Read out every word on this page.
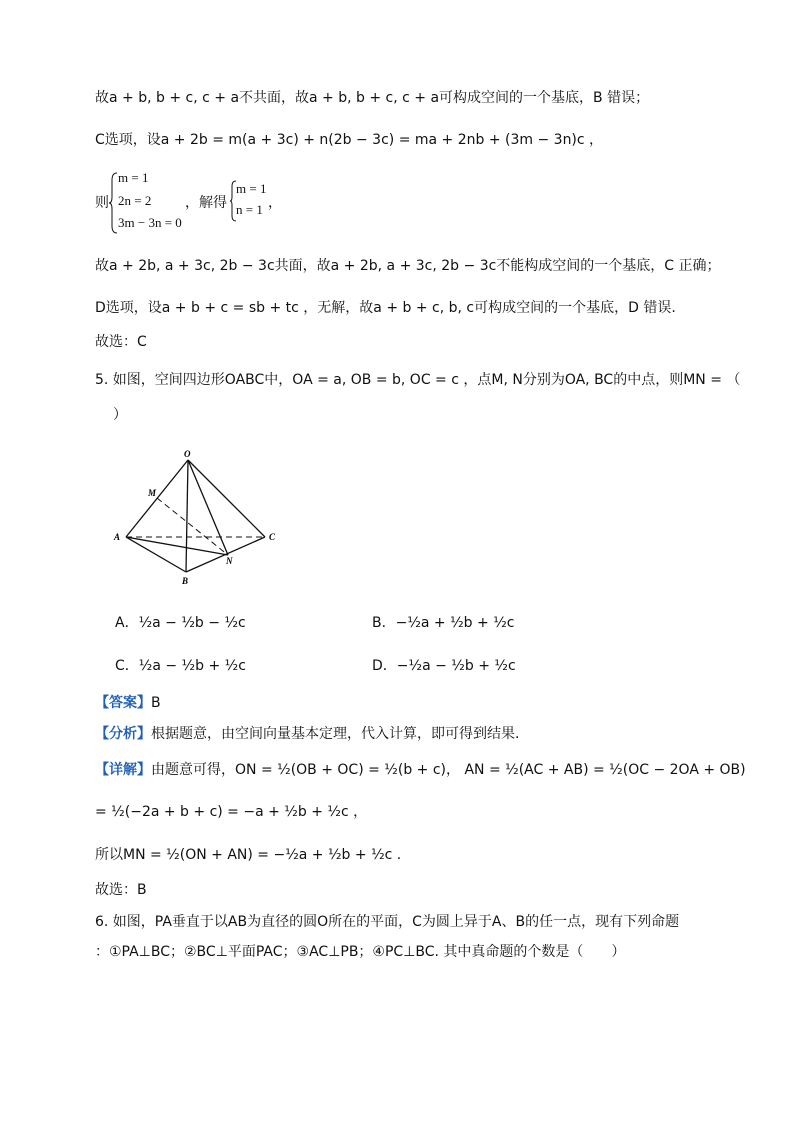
故a + b, b + c, c + a不共面，故a + b, b + c, c + a可构成空间的一个基底，B 错误；
C选项，设a + 2b = m(a + 3c) + n(2b − 3c) = ma + 2nb + (3m − 3n)c ，
则
m = 1
2n = 2
3m − 3n = 0
，解得
m = 1
n = 1 ，
故a + 2b, a + 3c, 2b − 3c共面，故a + 2b, a + 3c, 2b − 3c不能构成空间的一个基底，C 正确；
D选项，设a + b + c = sb + tc ，无解，故a + b + c, b, c可构成空间的一个基底，D 错误.
故选：C
5. 如图，空间四边形OABC中，OA = a, OB = b, OC = c ，点M, N分别为OA, BC的中点，则MN = （
）
O
M
A	C
B
N
A．½a − ½b − ½c	B．−½a + ½b + ½c
C．½a − ½b + ½c	D．−½a − ½b + ½c
【答案】B
【分析】根据题意，由空间向量基本定理，代入计算，即可得到结果.
【详解】由题意可得，ON = ½(OB + OC) = ½(b + c)， AN = ½(AC + AB) = ½(OC − 2OA + OB)
= ½(−2a + b + c) = −a + ½b + ½c ，
所以MN = ½(ON + AN) = −½a + ½b + ½c .
故选：B
6. 如图，PA垂直于以AB为直径的圆O所在的平面，C为圆上异于A、B的任一点，现有下列命题
：①PA⊥BC；②BC⊥平面PAC；③AC⊥PB；④PC⊥BC. 其中真命题的个数是（　　）
